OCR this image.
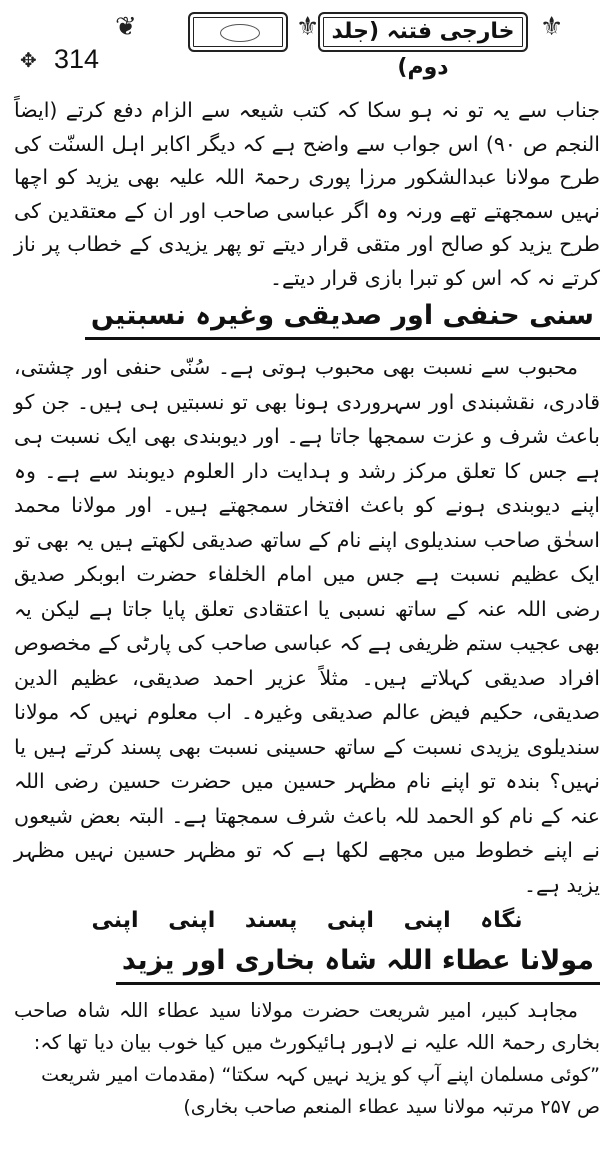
❦	⚜ خارجی فتنہ (جلد دوم)
⚜
✥ 314

جناب سے یہ تو نہ ہو سکا کہ کتب شیعہ سے الزام دفع کرتے (ایضاً النجم ص ۹۰) اس جواب سے واضح ہے کہ دیگر اکابر اہل السنّت کی طرح مولانا عبدالشکور مرزا پوری رحمۃ اللہ علیہ بھی یزید کو اچھا نہیں سمجھتے تھے ورنہ وہ اگر عباسی صاحب اور ان کے معتقدین کی طرح یزید کو صالح اور متقی قرار دیتے تو پھر یزیدی کے خطاب پر ناز کرتے نہ کہ اس کو تبرا بازی قرار دیتے۔

سنی حنفی اور صدیقی وغیرہ نسبتیں

محبوب سے نسبت بھی محبوب ہوتی ہے۔ سُنّی حنفی اور چشتی، قادری، نقشبندی اور سہروردی ہونا بھی تو نسبتیں ہی ہیں۔ جن کو باعث شرف و عزت سمجھا جاتا ہے۔ اور دیوبندی بھی ایک نسبت ہی ہے جس کا تعلق مرکز رشد و ہدایت دار العلوم دیوبند سے ہے۔ وہ اپنے دیوبندی ہونے کو باعث افتخار سمجھتے ہیں۔ اور مولانا محمد اسحٰق صاحب سندیلوی اپنے نام کے ساتھ صدیقی لکھتے ہیں یہ بھی تو ایک عظیم نسبت ہے جس میں امام الخلفاء حضرت ابوبکر صدیق رضی اللہ عنہ کے ساتھ نسبی یا اعتقادی تعلق پایا جاتا ہے لیکن یہ بھی عجیب ستم ظریفی ہے کہ عباسی صاحب کی پارٹی کے مخصوص افراد صدیقی کہلاتے ہیں۔ مثلاً عزیر احمد صدیقی، عظیم الدین صدیقی، حکیم فیض عالم صدیقی وغیرہ۔ اب معلوم نہیں کہ مولانا سندیلوی یزیدی نسبت کے ساتھ حسینی نسبت بھی پسند کرتے ہیں یا نہیں؟ بندہ تو اپنے نام مظہر حسین میں حضرت حسین رضی اللہ عنہ کے نام کو الحمد للہ باعث شرف سمجھتا ہے۔ البتہ بعض شیعوں نے اپنے خطوط میں مجھے لکھا ہے کہ تو مظہر حسین نہیں مظہر یزید ہے۔

نگاہ اپنی اپنی پسند اپنی اپنی
مولانا عطاء اللہ شاہ بخاری اور یزید

مجاہد کبیر، امیر شریعت حضرت مولانا سید عطاء اللہ شاہ صاحب بخاری رحمۃ اللہ علیہ نے لاہور ہائیکورٹ میں کیا خوب بیان دیا تھا کہ:

”کوئی مسلمان اپنے آپ کو یزید نہیں کہہ سکتا“ (مقدمات امیر شریعت

ص ۲۵۷ مرتبہ مولانا سید عطاء المنعم صاحب بخاری)
